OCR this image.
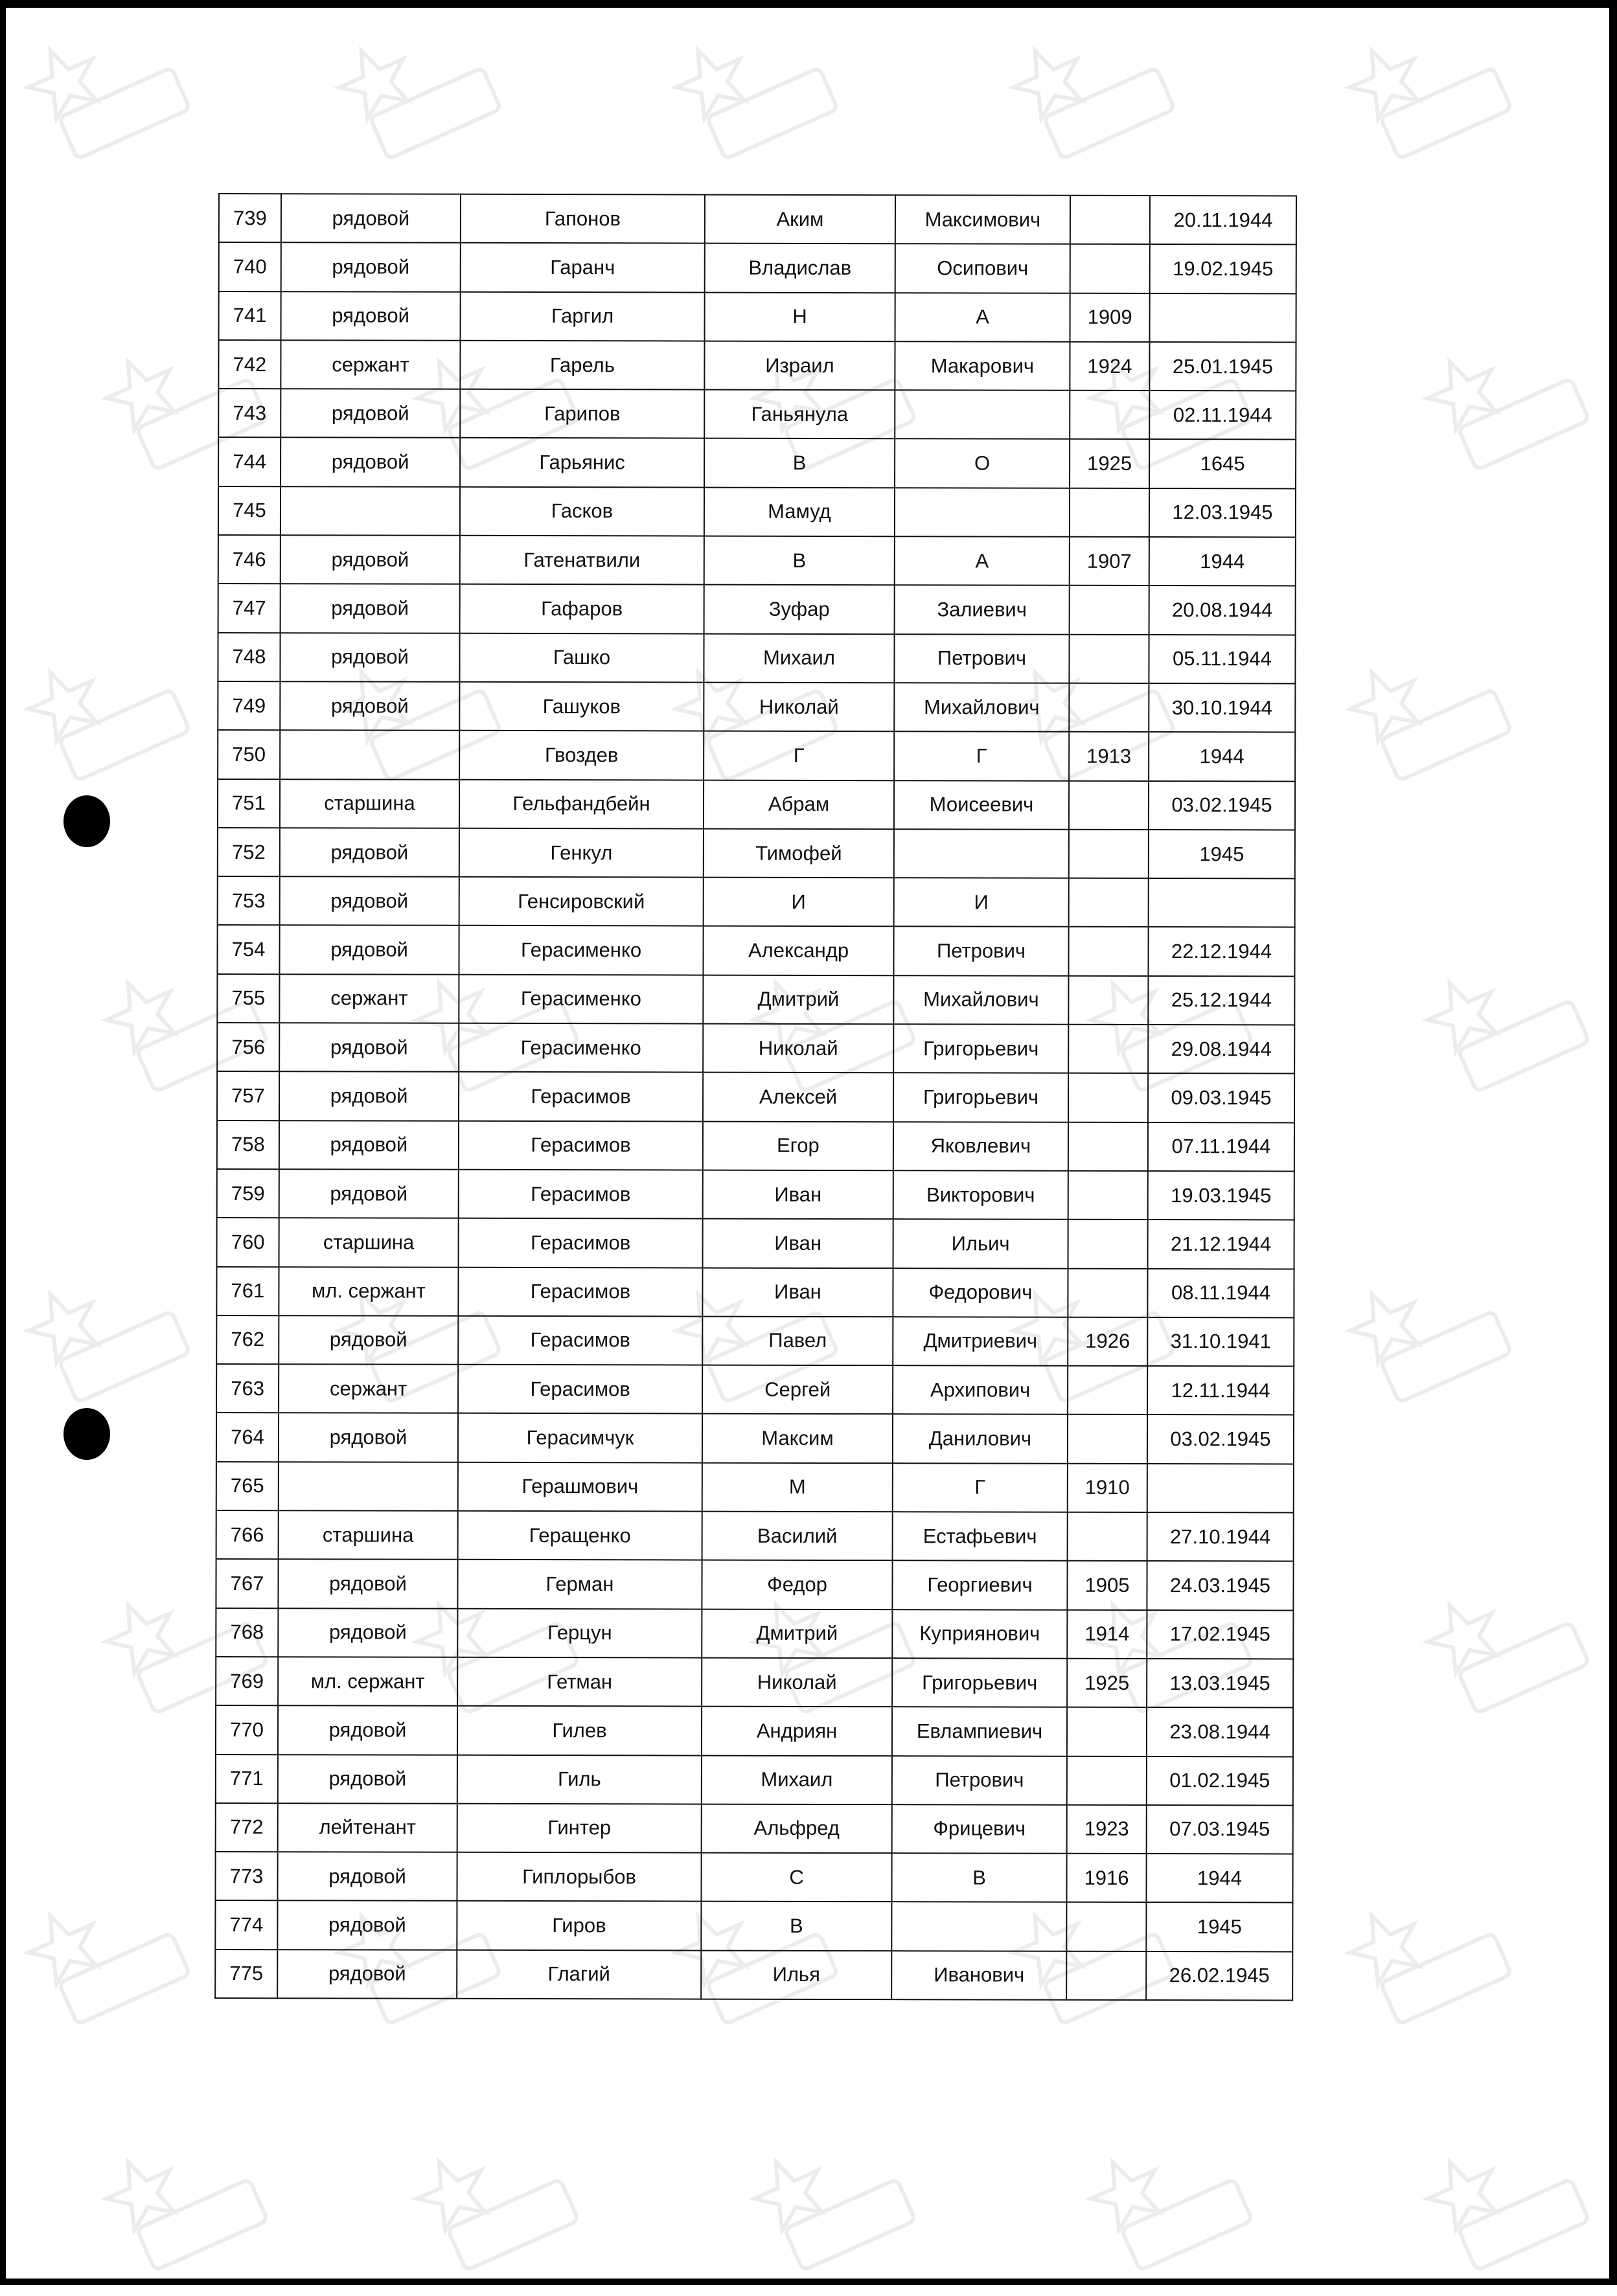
739	рядовой	Гапонов	Аким	Максимович		20.11.1944
740	рядовой	Гаранч	Владислав	Осипович		19.02.1945
741	рядовой	Гаргил	Н	А	1909	
742	сержант	Гарель	Израил	Макарович	1924	25.01.1945
743	рядовой	Гарипов	Ганьянула			02.11.1944
744	рядовой	Гарьянис	В	О	1925	1645
745		Гасков	Мамуд			12.03.1945
746	рядовой	Гатенатвили	В	А	1907	1944
747	рядовой	Гафаров	Зуфар	Залиевич		20.08.1944
748	рядовой	Гашко	Михаил	Петрович		05.11.1944
749	рядовой	Гашуков	Николай	Михайлович		30.10.1944
750		Гвоздев	Г	Г	1913	1944
751	старшина	Гельфандбейн	Абрам	Моисеевич		03.02.1945
752	рядовой	Генкул	Тимофей			1945
753	рядовой	Генсировский	И	И		
754	рядовой	Герасименко	Александр	Петрович		22.12.1944
755	сержант	Герасименко	Дмитрий	Михайлович		25.12.1944
756	рядовой	Герасименко	Николай	Григорьевич		29.08.1944
757	рядовой	Герасимов	Алексей	Григорьевич		09.03.1945
758	рядовой	Герасимов	Егор	Яковлевич		07.11.1944
759	рядовой	Герасимов	Иван	Викторович		19.03.1945
760	старшина	Герасимов	Иван	Ильич		21.12.1944
761	мл. сержант	Герасимов	Иван	Федорович		08.11.1944
762	рядовой	Герасимов	Павел	Дмитриевич	1926	31.10.1941
763	сержант	Герасимов	Сергей	Архипович		12.11.1944
764	рядовой	Герасимчук	Максим	Данилович		03.02.1945
765		Герашмович	М	Г	1910	
766	старшина	Геращенко	Василий	Естафьевич		27.10.1944
767	рядовой	Герман	Федор	Георгиевич	1905	24.03.1945
768	рядовой	Герцун	Дмитрий	Куприянович	1914	17.02.1945
769	мл. сержант	Гетман	Николай	Григорьевич	1925	13.03.1945
770	рядовой	Гилев	Андриян	Евлампиевич		23.08.1944
771	рядовой	Гиль	Михаил	Петрович		01.02.1945
772	лейтенант	Гинтер	Альфред	Фрицевич	1923	07.03.1945
773	рядовой	Гиплорыбов	С	В	1916	1944
774	рядовой	Гиров	В			1945
775	рядовой	Глагий	Илья	Иванович		26.02.1945
